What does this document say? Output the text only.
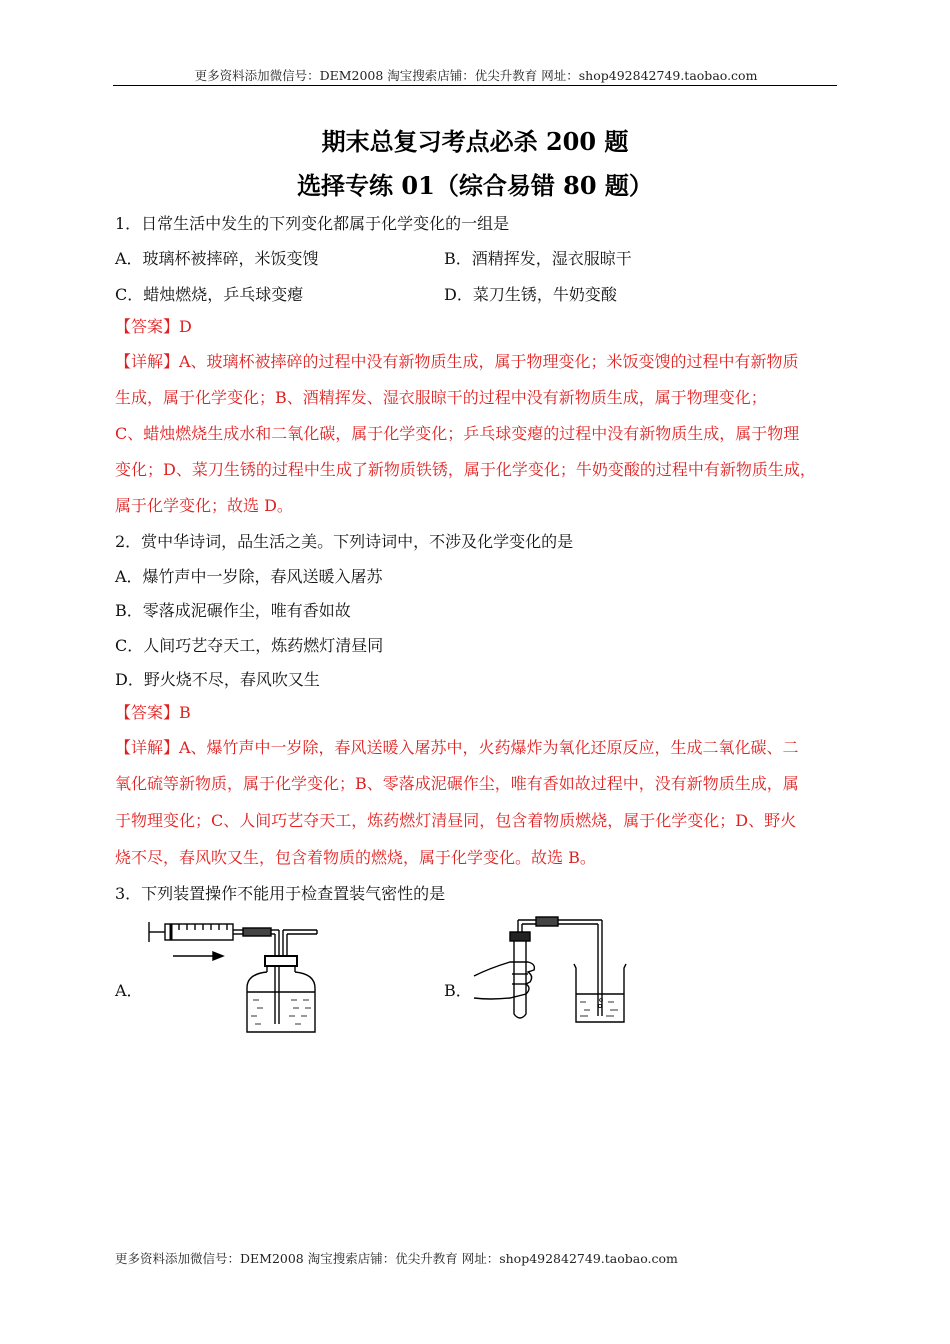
更多资料添加微信号：DEM2008 淘宝搜索店铺：优尖升教育 网址：shop492842749.taobao.com
期末总复习考点必杀 200 题
选择专练 01（综合易错 80 题）
1．日常生活中发生的下列变化都属于化学变化的一组是
A．玻璃杯被摔碎，米饭变馊	B．酒精挥发，湿衣服晾干
C．蜡烛燃烧，乒乓球变瘪	D．菜刀生锈，牛奶变酸
【答案】D
【详解】A、玻璃杯被摔碎的过程中没有新物质生成，属于物理变化；米饭变馊的过程中有新物质
生成，属于化学变化；B、酒精挥发、湿衣服晾干的过程中没有新物质生成，属于物理变化；
C、蜡烛燃烧生成水和二氧化碳，属于化学变化；乒乓球变瘪的过程中没有新物质生成，属于物理
变化；D、菜刀生锈的过程中生成了新物质铁锈，属于化学变化；牛奶变酸的过程中有新物质生成，
属于化学变化；故选 D。
2．赏中华诗词，品生活之美。下列诗词中，不涉及化学变化的是
A．爆竹声中一岁除，春风送暖入屠苏
B．零落成泥碾作尘，唯有香如故
C．人间巧艺夺天工，炼药燃灯清昼同
D．野火烧不尽，春风吹又生
【答案】B
【详解】A、爆竹声中一岁除，春风送暖入屠苏中，火药爆炸为氧化还原反应，生成二氧化碳、二
氧化硫等新物质，属于化学变化；B、零落成泥碾作尘，唯有香如故过程中，没有新物质生成，属
于物理变化；C、人间巧艺夺天工，炼药燃灯清昼同，包含着物质燃烧，属于化学变化；D、野火
烧不尽，春风吹又生，包含着物质的燃烧，属于化学变化。故选 B。
3．下列装置操作不能用于检查置装气密性的是
A．	B．
更多资料添加微信号：DEM2008 淘宝搜索店铺：优尖升教育 网址：shop492842749.taobao.com
